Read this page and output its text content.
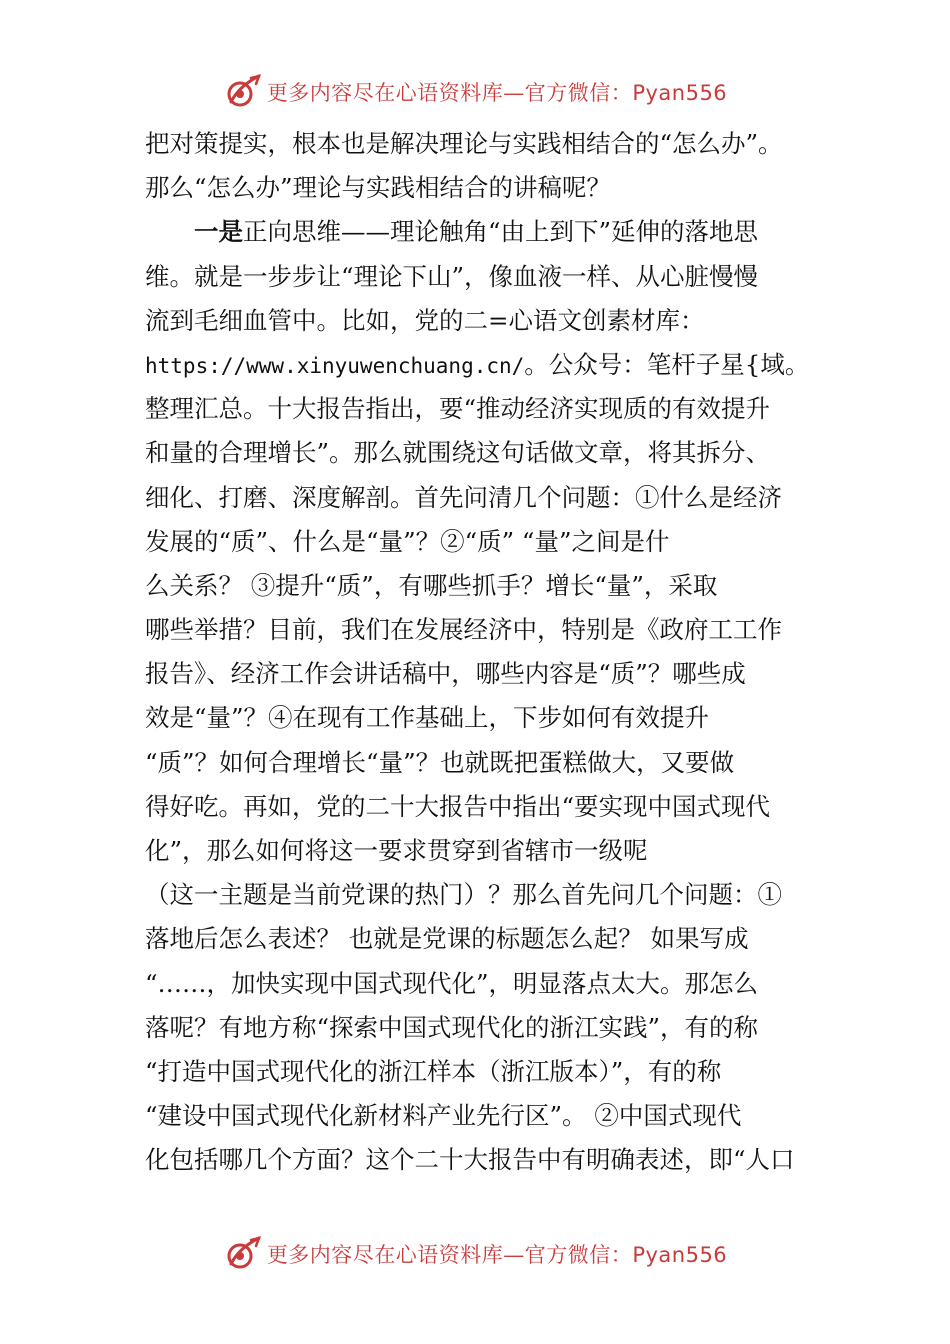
更多内容尽在心语资料库—官方微信：Pyan556
把对策提实，根本也是解决理论与实践相结合的“怎么办”。
那么“怎么办”理论与实践相结合的讲稿呢？
一是正向思维——理论触角“由上到下”延伸的落地思
维。就是一步步让“理论下山”，像血液一样、从心脏慢慢
流到毛细血管中。比如，党的二=心语文创素材库：
https://www.xinyuwenchuang.cn/。公众号：笔杆子星{域。
整理汇总。十大报告指出，要“推动经济实现质的有效提升
和量的合理增长”。那么就围绕这句话做文章，将其拆分、
细化、打磨、深度解剖。首先问清几个问题：①什么是经济
发展的“质”、什么是“量”？②“质” “量”之间是什
么关系？ ③提升“质”，有哪些抓手？增长“量”，采取
哪些举措？目前，我们在发展经济中，特别是《政府工工作
报告》、经济工作会讲话稿中，哪些内容是“质”？哪些成
效是“量”？④在现有工作基础上，下步如何有效提升
“质”？如何合理增长“量”？也就既把蛋糕做大，又要做
得好吃。再如，党的二十大报告中指出“要实现中国式现代
化”，那么如何将这一要求贯穿到省辖市一级呢
（这一主题是当前党课的热门）？那么首先问几个问题：①
落地后怎么表述？ 也就是党课的标题怎么起？ 如果写成
“……，加快实现中国式现代化”，明显落点太大。那怎么
落呢？有地方称“探索中国式现代化的浙江实践”，有的称
“打造中国式现代化的浙江样本（浙江版本）”，有的称
“建设中国式现代化新材料产业先行区”。 ②中国式现代
化包括哪几个方面？这个二十大报告中有明确表述，即“人口
更多内容尽在心语资料库—官方微信：Pyan556
